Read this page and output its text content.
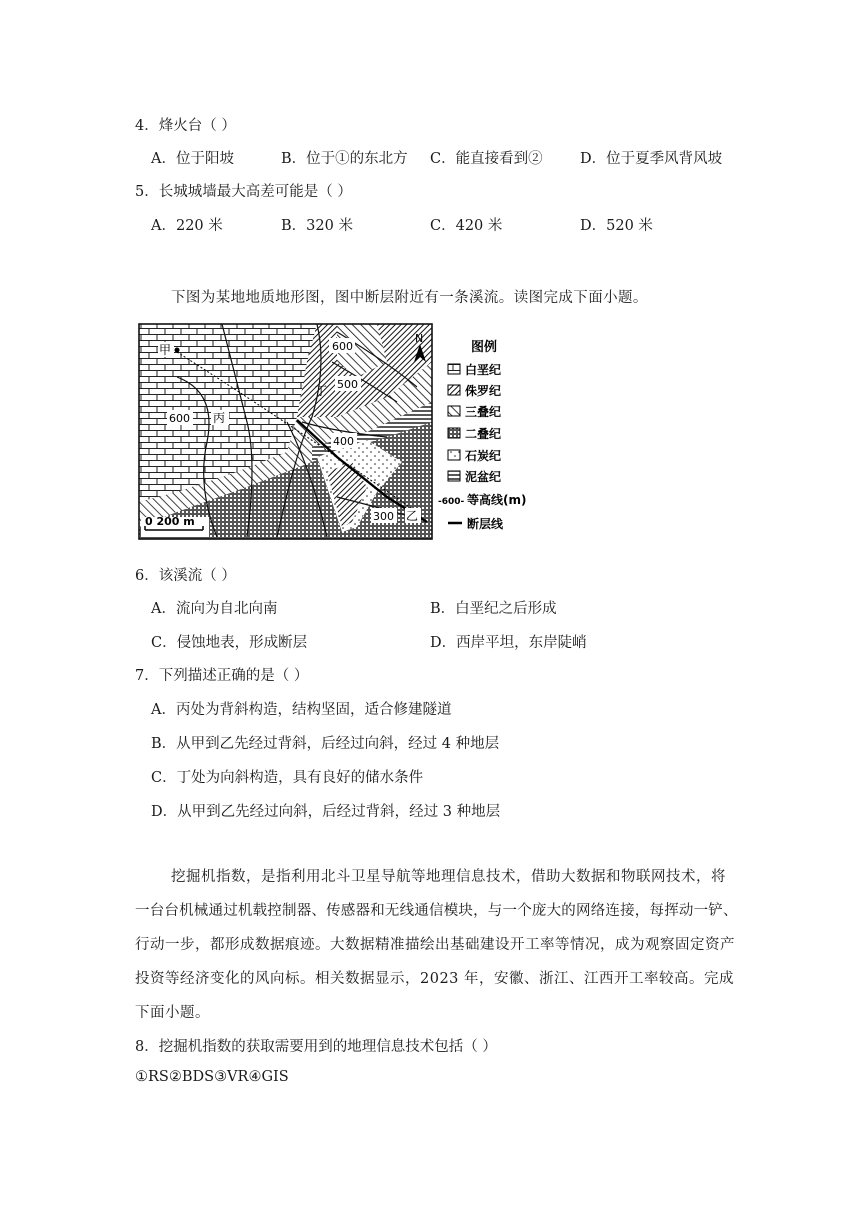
4．烽火台（ ）
A．位于阳坡	B．位于①的东北方 C．能直接看到②	D．位于夏季风背风坡
5．长城城墙最大高差可能是（ ）
A．220 米	B．320 米	C．420 米	D．520 米
下图为某地地质地形图，图中断层附近有一条溪流。读图完成下面小题。
甲
丙
丁
乙
N
600
600
500
400
300
0 200 m
图例
白垩纪
侏罗纪
三叠纪
二叠纪
石炭纪
泥盆纪
-600- 等高线(m)
断层线
6．该溪流（ ）
A．流向为自北向南	B．白垩纪之后形成
C．侵蚀地表，形成断层	D．西岸平坦，东岸陡峭
7．下列描述正确的是（ ）
A．丙处为背斜构造，结构坚固，适合修建隧道
B．从甲到乙先经过背斜，后经过向斜，经过 4 种地层
C．丁处为向斜构造，具有良好的储水条件
D．从甲到乙先经过向斜，后经过背斜，经过 3 种地层
挖掘机指数，是指利用北斗卫星导航等地理信息技术，借助大数据和物联网技术，将
一台台机械通过机载控制器、传感器和无线通信模块，与一个庞大的网络连接，每挥动一铲、
行动一步，都形成数据痕迹。大数据精准描绘出基础建设开工率等情况，成为观察固定资产
投资等经济变化的风向标。相关数据显示，2023 年，安徽、浙江、江西开工率较高。完成
下面小题。
8．挖掘机指数的获取需要用到的地理信息技术包括（ ）
①RS②BDS③VR④GIS
